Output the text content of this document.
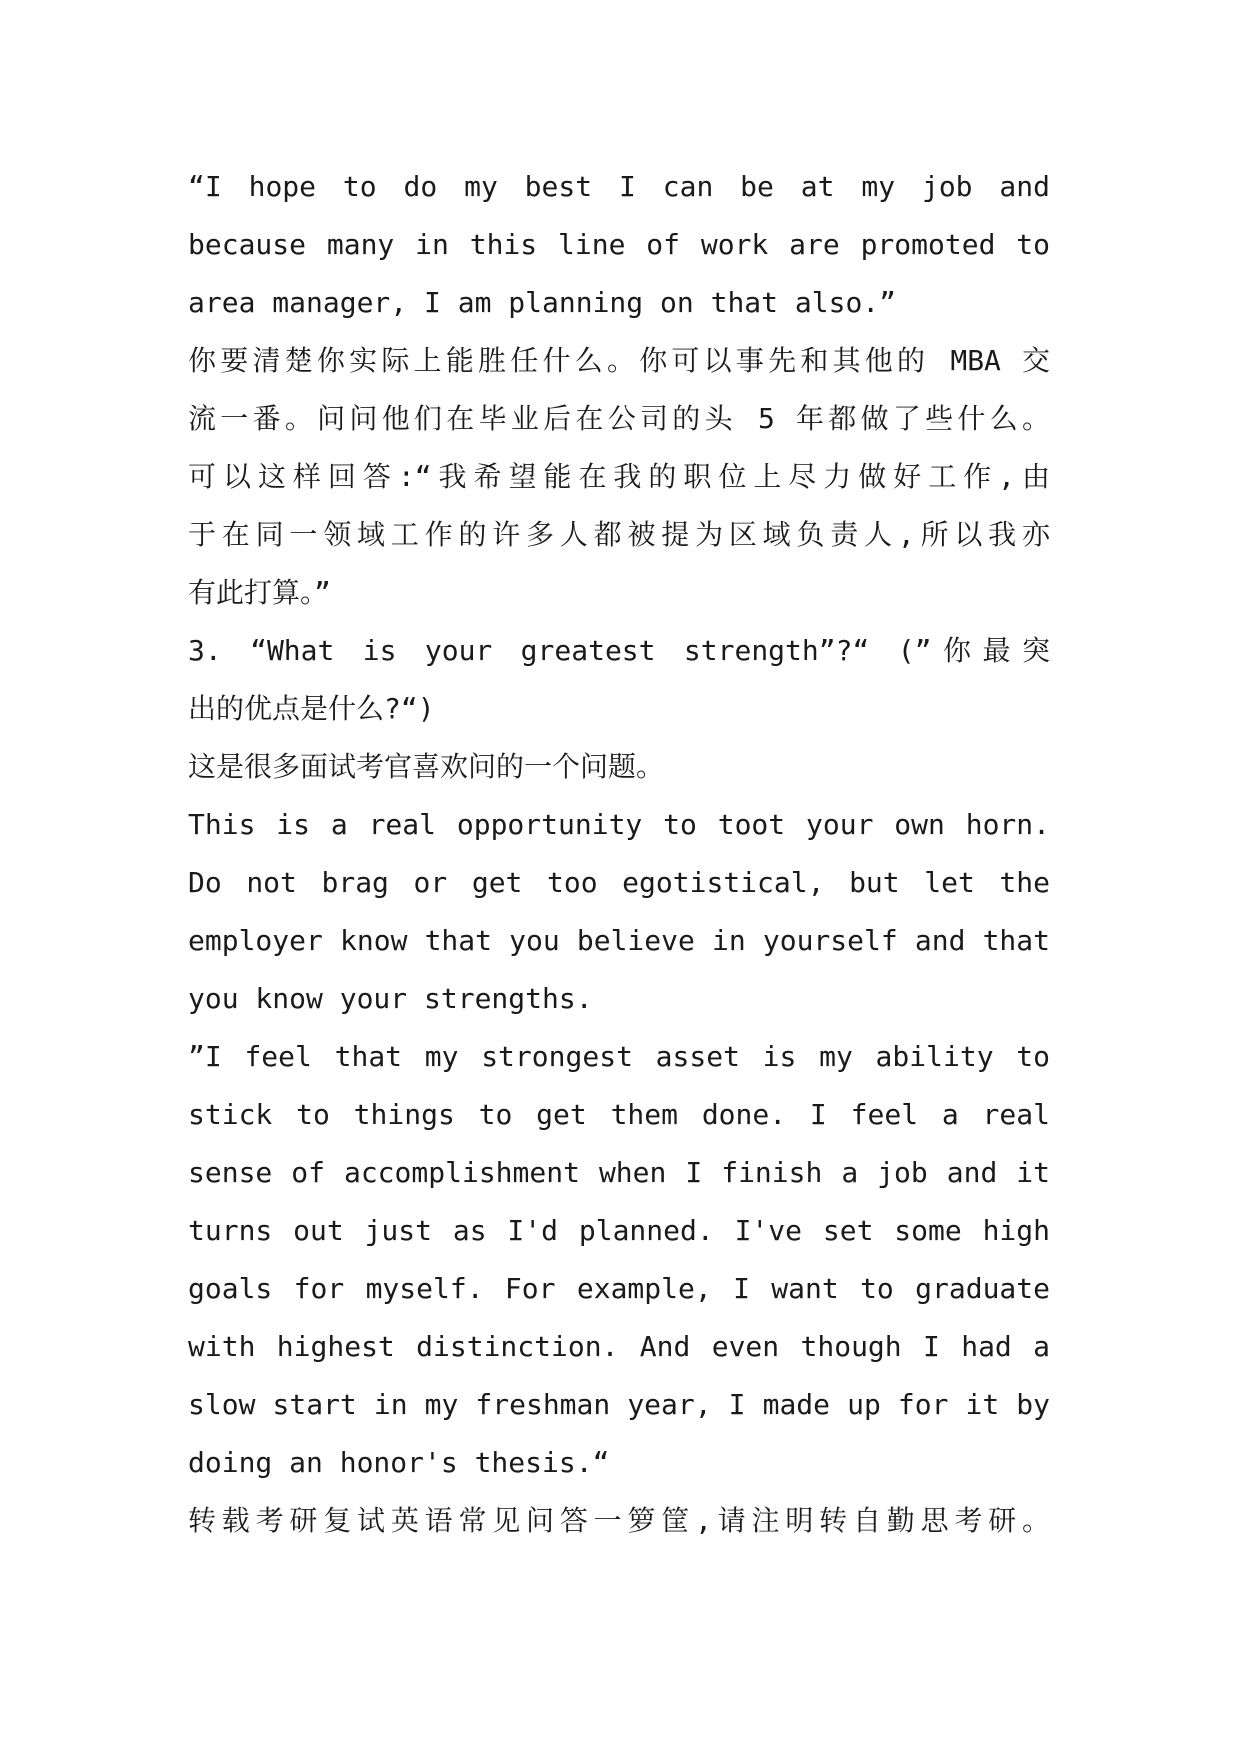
“I hope to do my best I can be at my job and
because many in this line of work are promoted to
area manager, I am planning on that also.”
你要清楚你实际上能胜任什么。你可以事先和其他的 MBA 交
流一番。问问他们在毕业后在公司的头 5 年都做了些什么。
可以这样回答:“我希望能在我的职位上尽力做好工作,由
于在同一领域工作的许多人都被提为区域负责人,所以我亦
有此打算。”
3. “What is your greatest strength”?“ (”你最突
出的优点是什么?“)
这是很多面试考官喜欢问的一个问题。
This is a real opportunity to toot your own horn.
Do not brag or get too egotistical, but let the
employer know that you believe in yourself and that
you know your strengths.
”I feel that my strongest asset is my ability to
stick to things to get them done. I feel a real
sense of accomplishment when I finish a job and it
turns out just as I'd planned. I've set some high
goals for myself. For example, I want to graduate
with highest distinction. And even though I had a
slow start in my freshman year, I made up for it by
doing an honor's thesis.“
转载考研复试英语常见问答一箩筐,请注明转自勤思考研。
